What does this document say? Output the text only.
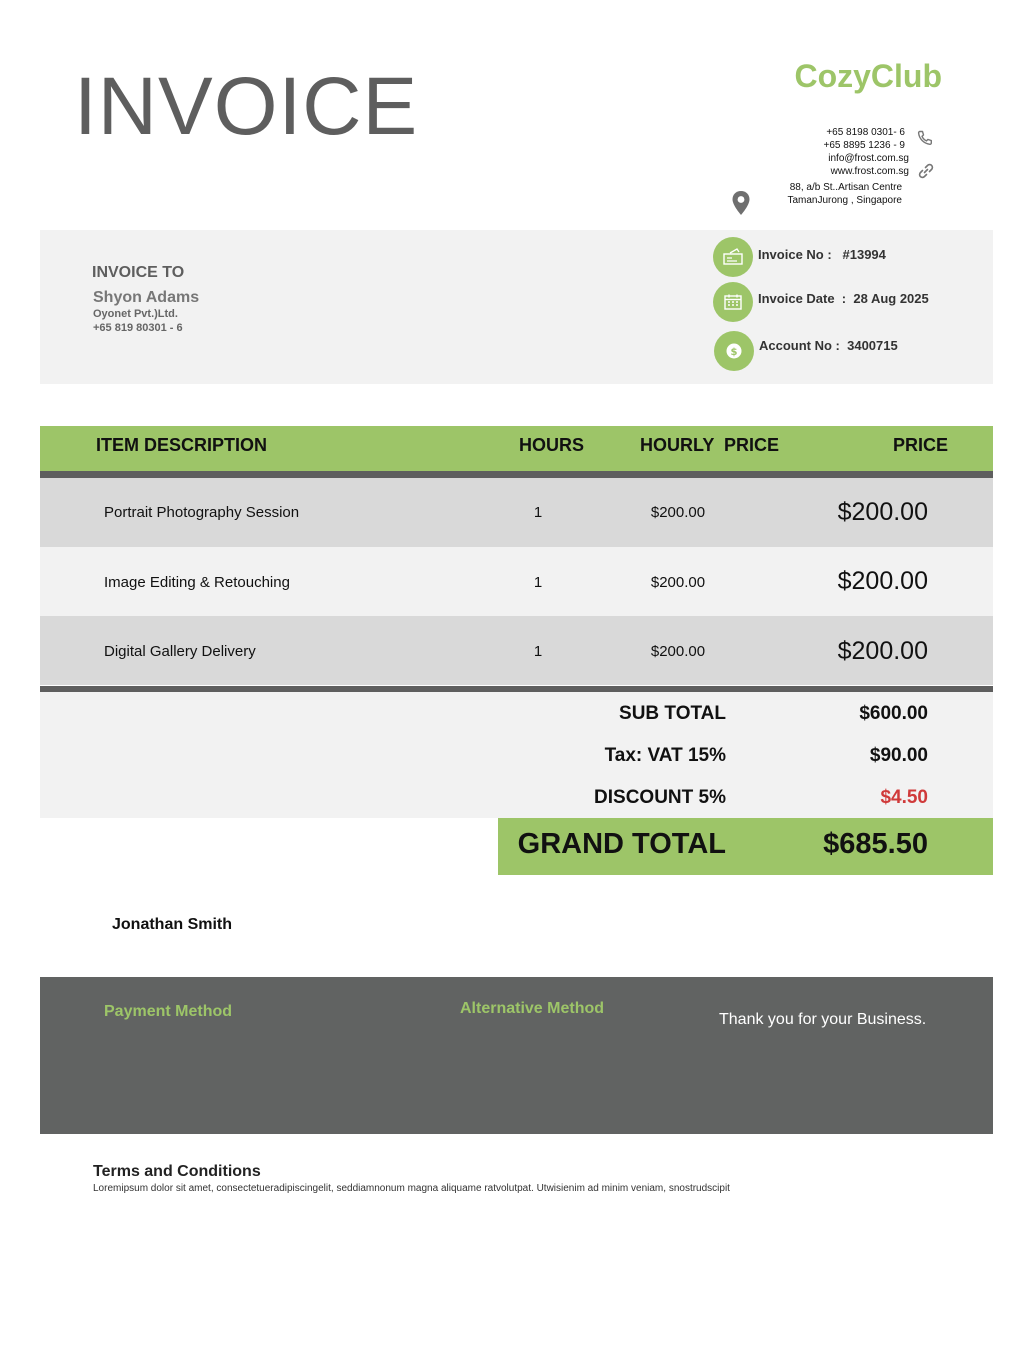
INVOICE	CozyClub
+65 8198 0301- 6
+65 8895 1236 - 9
info@frost.com.sg
www.frost.com.sg
88, a/b St..Artisan Centre
TamanJurong , Singapore
INVOICE TO
Shyon Adams
Oyonet Pvt.)Ltd.
+65 819 80301 - 6
Invoice No :   #13994
Invoice Date  :  28 Aug 2025
$ Account No :  3400715
ITEM DESCRIPTION	HOURS	HOURLY  PRICE	PRICE
Portrait Photography Session	1	$200.00	$200.00
Image Editing & Retouching	1	$200.00	$200.00
Digital Gallery Delivery	1	$200.00	$200.00
SUB TOTAL	$600.00
Tax: VAT 15%	$90.00
DISCOUNT 5%	$4.50
GRAND TOTAL	$685.50
Jonathan Smith
Payment Method	Alternative Method
Thank you for your Business.
Terms and Conditions
Loremipsum dolor sit amet, consectetueradipiscingelit, seddiamnonum magna aliquame ratvolutpat. Utwisienim ad minim veniam, snostrudscipit
